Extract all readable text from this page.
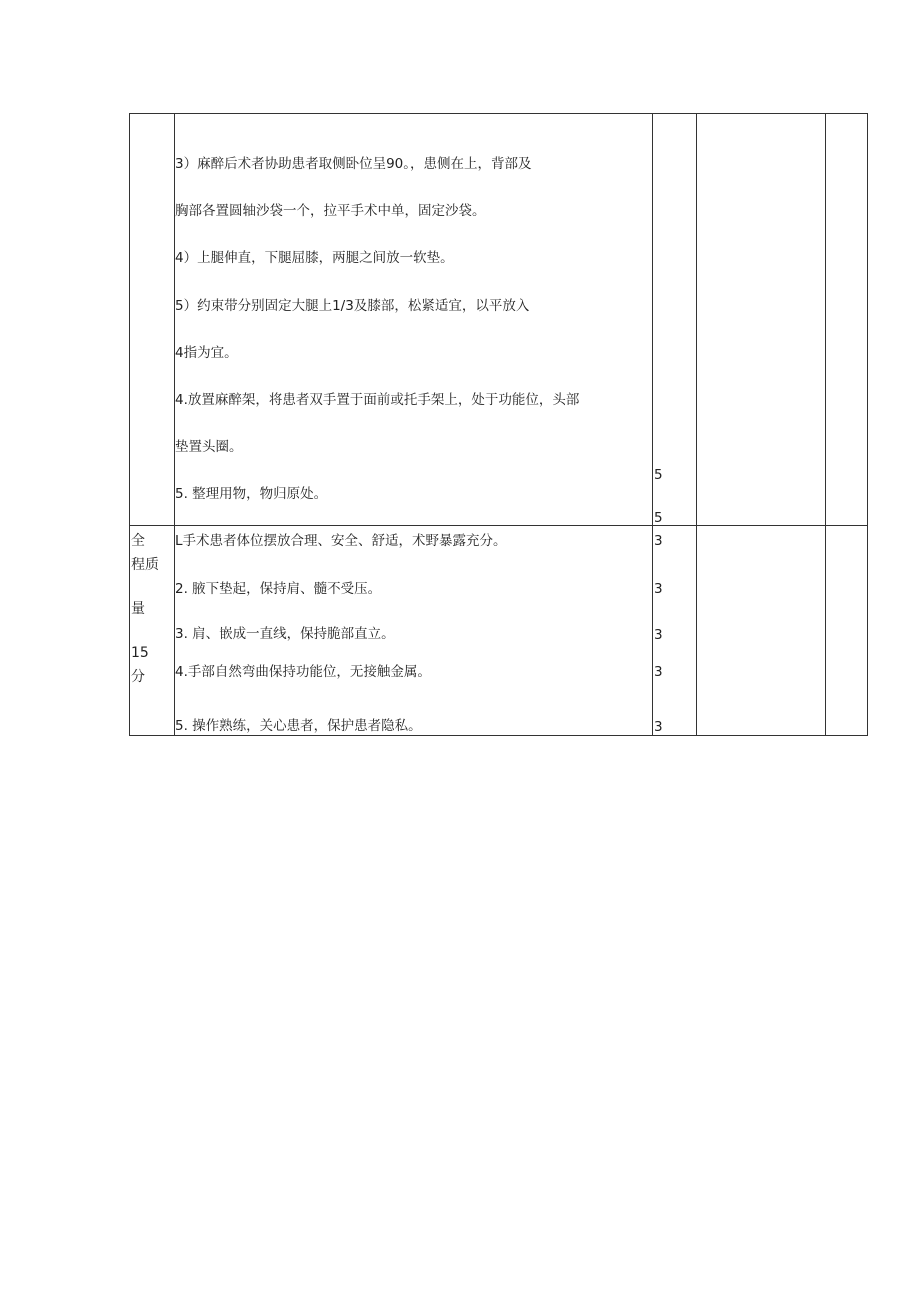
3）麻醉后术者协助患者取侧卧位呈90。，患侧在上，背部及
胸部各置圆轴沙袋一个，拉平手术中单，固定沙袋。
4）上腿伸直，下腿屈膝，两腿之间放一软垫。
5）约束带分别固定大腿上1/3及膝部，松紧适宜，以平放入
4指为宜。
4.放置麻醉架，将患者双手置于面前或托手架上，处于功能位，头部
垫置头圈。
5. 整理用物，物归原处。
5
5
全
程质
量
15
分
L手术患者体位摆放合理、安全、舒适，术野暴露充分。
2. 腋下垫起，保持肩、髓不受压。
3. 肩、嵌成一直线，保持脆部直立。
4.手部自然弯曲保持功能位，无接触金属。
5. 操作熟练，关心患者，保护患者隐私。
3
3
3
3
3
